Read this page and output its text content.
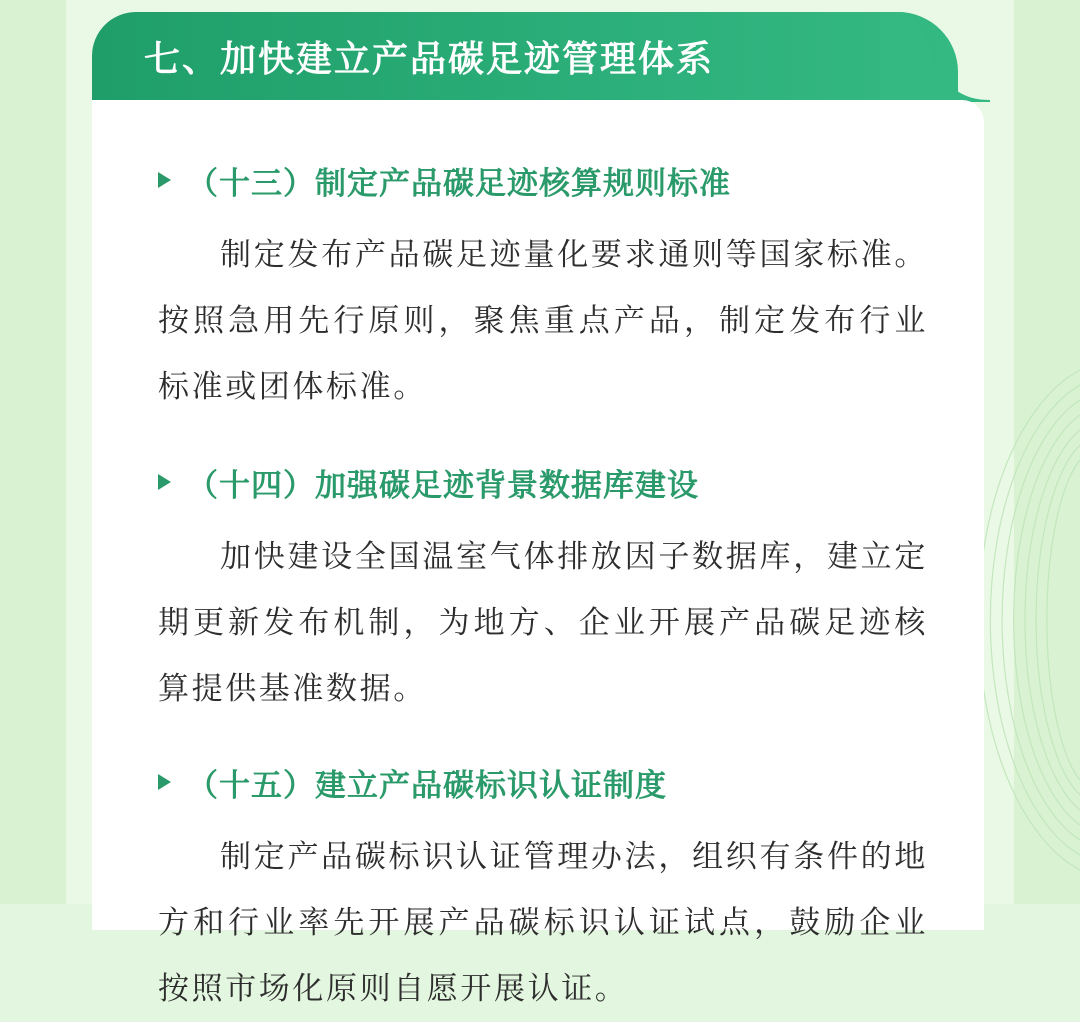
七、加快建立产品碳足迹管理体系
（十三） 制定产品碳足迹核算规则标准

制定发布产品碳足迹量化要求通则等国家标准。按照急用先行原则，聚焦重点产品，制定发布行业标准或团体标准。

（十四） 加强碳足迹背景数据库建设

加快建设全国温室气体排放因子数据库，建立定期更新发布机制，为地方、企业开展产品碳足迹核算提供基准数据。

（十五） 建立产品碳标识认证制度

制定产品碳标识认证管理办法，组织有条件的地方和行业率先开展产品碳标识认证试点，鼓励企业按照市场化原则自愿开展认证。
